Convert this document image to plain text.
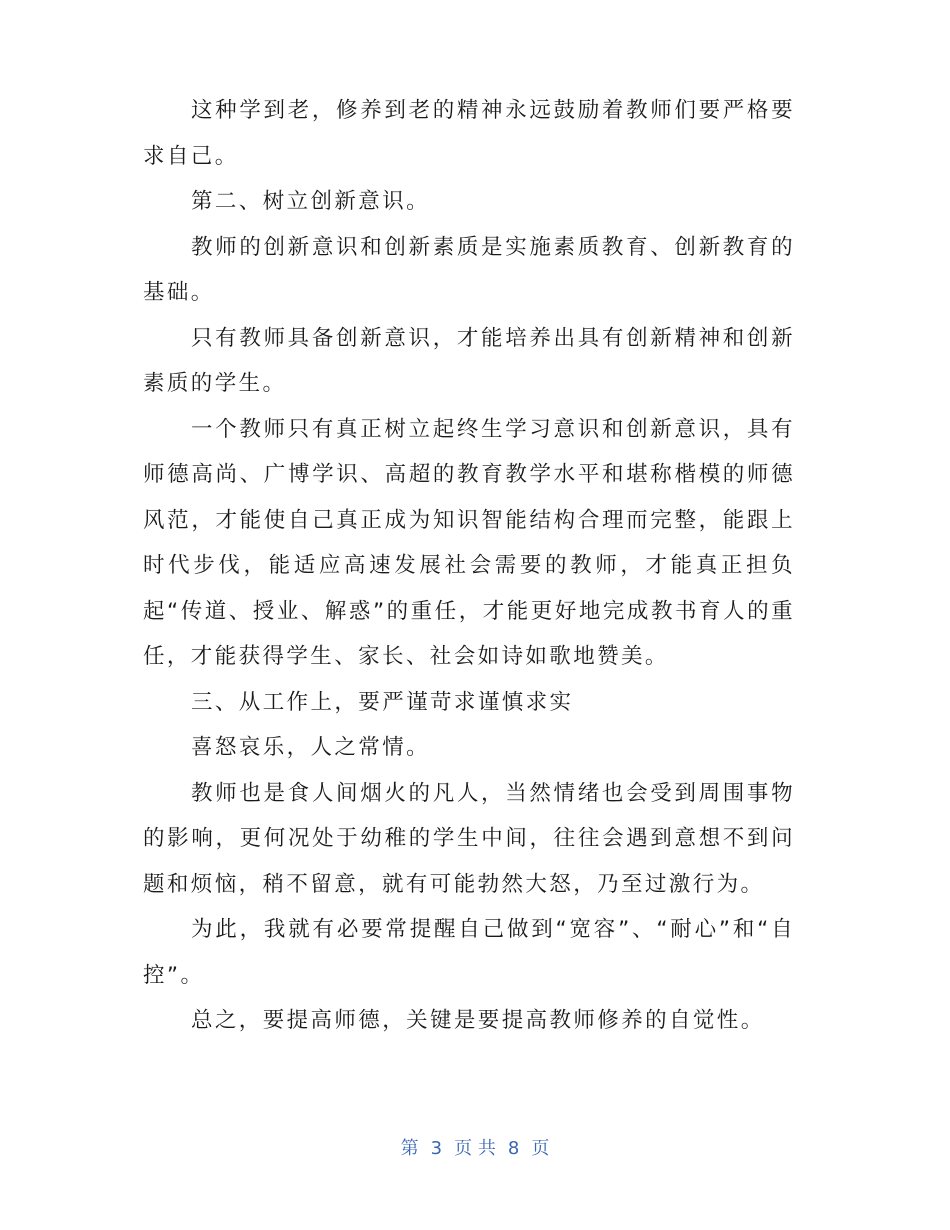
这种学到老，修养到老的精神永远鼓励着教师们要严格要求自己。

第二、树立创新意识。

教师的创新意识和创新素质是实施素质教育、创新教育的基础。

只有教师具备创新意识，才能培养出具有创新精神和创新素质的学生。

一个教师只有真正树立起终生学习意识和创新意识，具有师德高尚、广博学识、高超的教育教学水平和堪称楷模的师德风范，才能使自己真正成为知识智能结构合理而完整，能跟上时代步伐，能适应高速发展社会需要的教师，才能真正担负起“传道、授业、解惑”的重任，才能更好地完成教书育人的重任，才能获得学生、家长、社会如诗如歌地赞美。

三、从工作上，要严谨苛求谨慎求实

喜怒哀乐，人之常情。

教师也是食人间烟火的凡人，当然情绪也会受到周围事物的影响，更何况处于幼稚的学生中间，往往会遇到意想不到问题和烦恼，稍不留意，就有可能勃然大怒，乃至过激行为。

为此，我就有必要常提醒自己做到“宽容”、“耐心”和“自控”。

总之，要提高师德，关键是要提高教师修养的自觉性。

第 3 页 共 8 页
